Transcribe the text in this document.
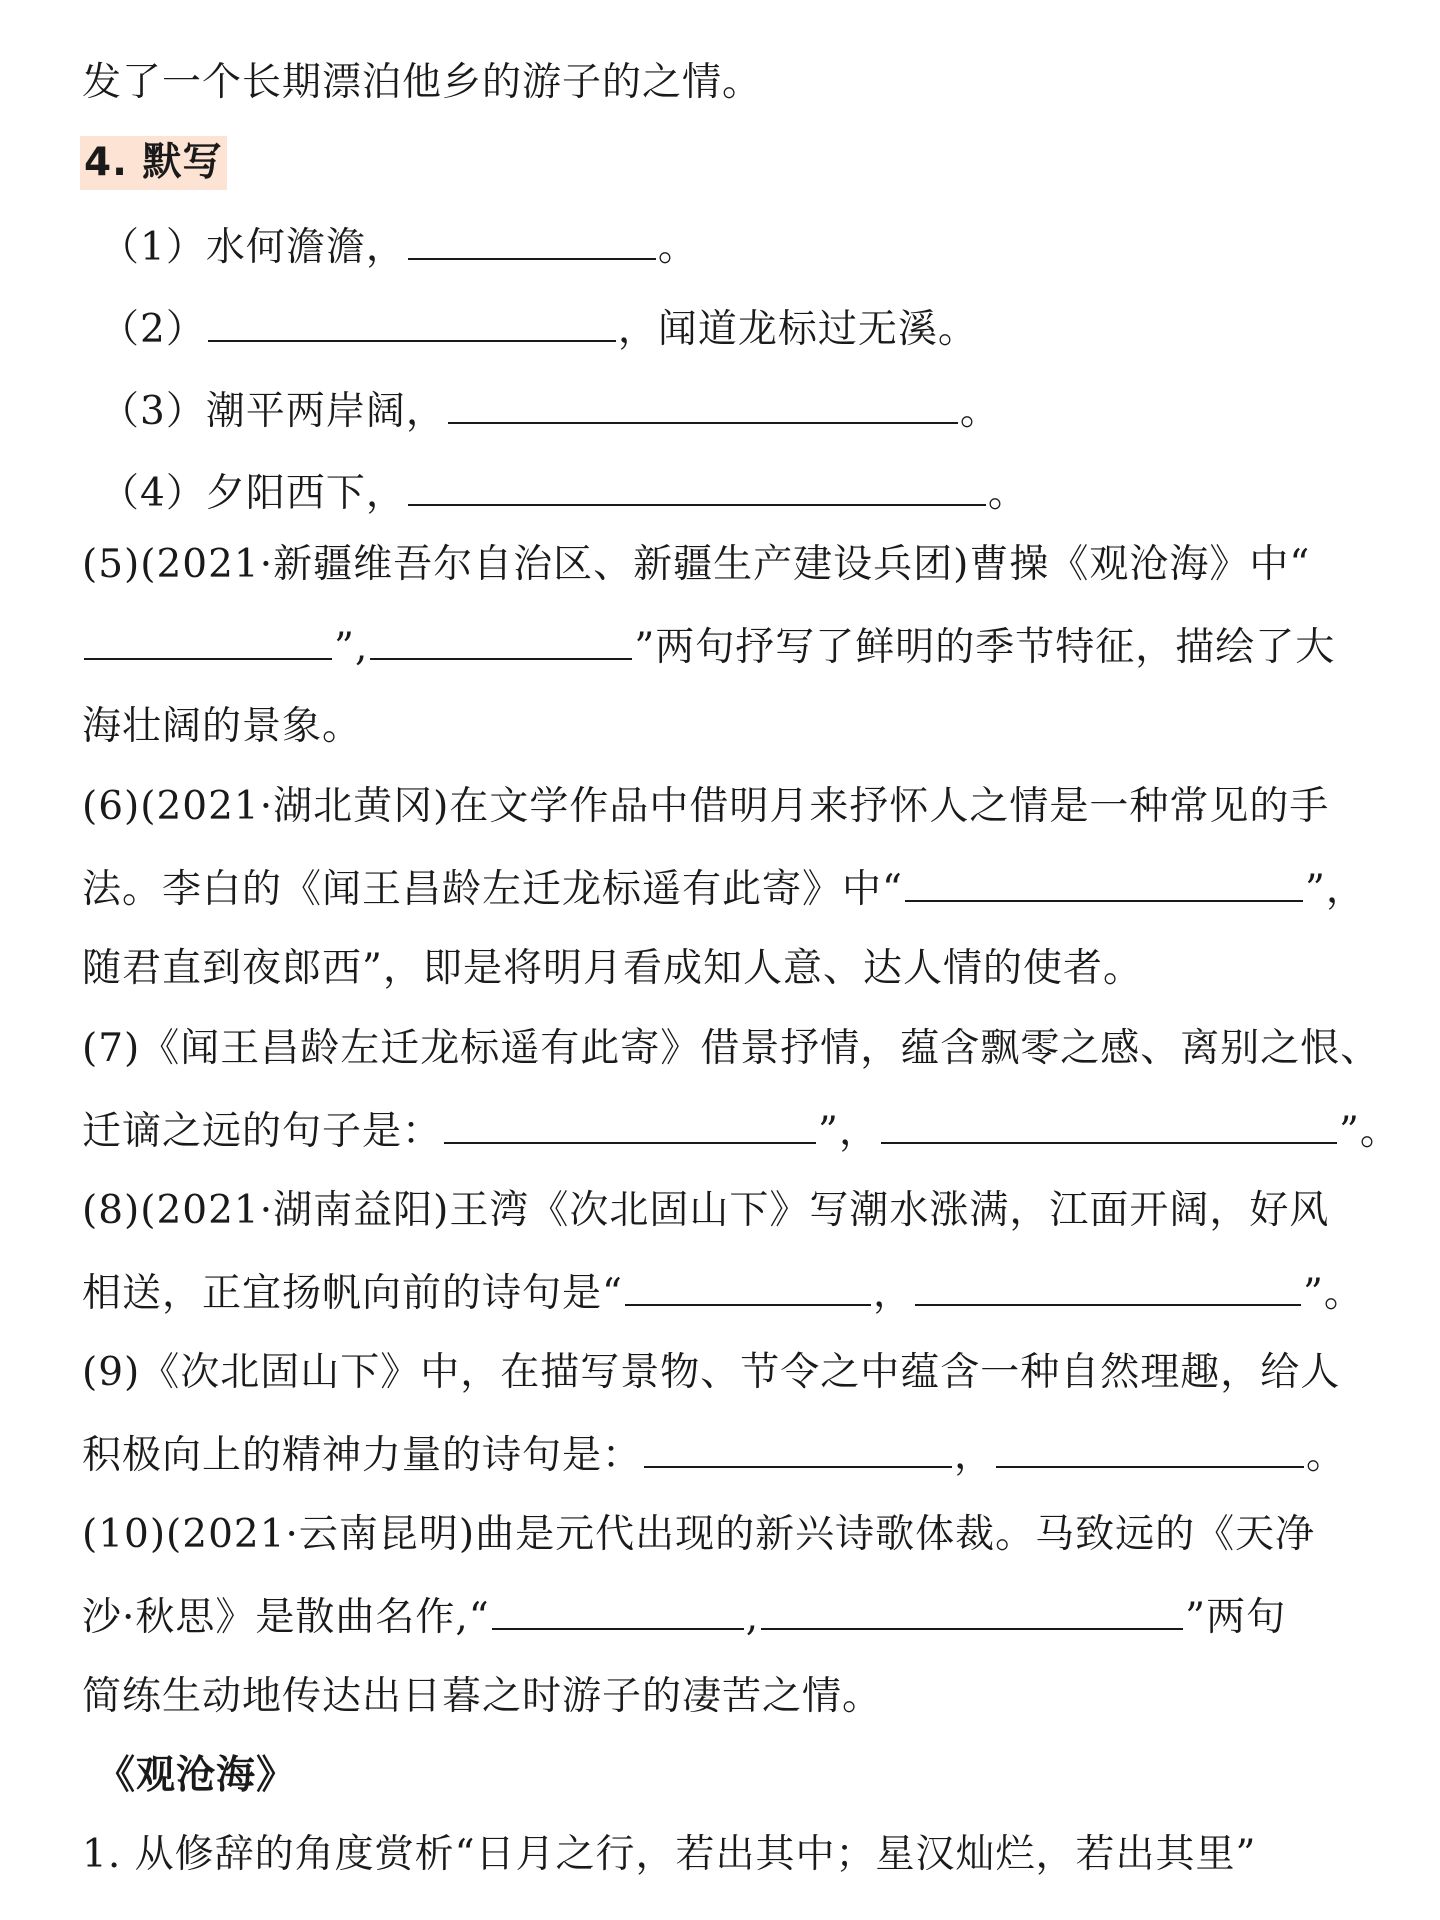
发了一个长期漂泊他乡的游子的之情。
4. 默写
（1）水何澹澹，	。
（2）	，闻道龙标过无溪。
（3）潮平两岸阔，	。
（4）夕阳西下，	。
(5)(2021·新疆维吾尔自治区、新疆生产建设兵团)曹操《观沧海》中“
”,	”两句抒写了鲜明的季节特征，描绘了大
海壮阔的景象。
(6)(2021·湖北黄冈)在文学作品中借明月来抒怀人之情是一种常见的手
法。李白的《闻王昌龄左迁龙标遥有此寄》中“	”，
随君直到夜郎西”，即是将明月看成知人意、达人情的使者。
(7)《闻王昌龄左迁龙标遥有此寄》借景抒情，蕴含飘零之感、离别之恨、
迁谪之远的句子是：	”，	”。
(8)(2021·湖南益阳)王湾《次北固山下》写潮水涨满，江面开阔，好风
相送，正宜扬帆向前的诗句是“	，	”。
(9)《次北固山下》中，在描写景物、节令之中蕴含一种自然理趣，给人
积极向上的精神力量的诗句是：	，	。
(10)(2021·云南昆明)曲是元代出现的新兴诗歌体裁。马致远的《天净
沙·秋思》是散曲名作,“	,	”两句
简练生动地传达出日暮之时游子的凄苦之情。
《观沧海》
1. 从修辞的角度赏析“日月之行，若出其中；星汉灿烂，若出其里”
